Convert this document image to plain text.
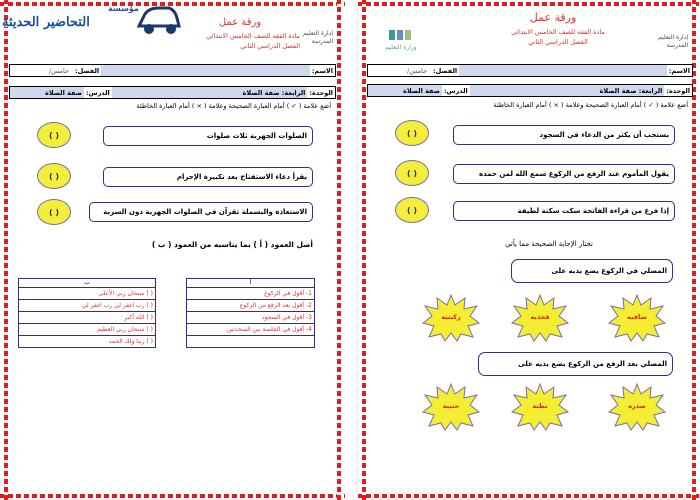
إدارة التعليم
المدرسة
ورقة عمل
مادة الفقه للصف الخامس الابتدائي
الفصل الدراسي الثاني
مؤسسة
التحاضير الحديثة
الاسم:
الفصل:
خامس/
الوحدة:
الرابعة: صفة الصلاة
الدرس:
صفة الصلاة
أضع علامة ( ✓ ) أمام العبارة الصحيحة وعلامة ( × ) أمام العبارة الخاطئة
الصلوات الجهرية ثلاث صلوات
( )
يقرأ دعاء الاستفتاح بعد تكبيرة الإحرام
( )
الاستعاذة والبسملة تقرآن في الصلوات الجهرية دون السرية
( )
أصل العمود ( أ ) بما يناسبه من العمود ( ب )
أ
1- أقول في الركوع
2- أقول بعد الرفع من الركوع
3- أقول في السجود
4- أقول في الجلسة بين السجدتين
ب
( ) سبحان ربي الأعلى
( ) رب اغفر لي رب اغفر لي
( ) الله أكبر
( ) سبحان ربي العظيم
( ) ربنا ولك الحمد
إدارة التعليم
المدرسة
ورقة عمل
مادة الفقه للصف الخامس الابتدائي
الفصل الدراسي الثاني
وزارة التعليم
الاسم:
الفصل:
خامس/
الوحدة:
الرابعة: صفة الصلاة
الدرس:
صفة الصلاة
أضع علامة ( ✓ ) أمام العبارة الصحيحة وعلامة ( × ) أمام العبارة الخاطئة
يستحب أن يكثر من الدعاء في السجود
( )
يقول المأموم عند الرفع من الركوع سمع الله لمن حمده
( )
إذا فرغ من قراءة الفاتحة سكت سكتة لطيفة
( )
نختار الإجابة الصحيحة مما يأتي
المصلي في الركوع يضع يديه على
ساقيه
فخذيه
ركبتيه
المصلي بعد الرفع من الركوع يضع يديه على
صدره
بطنه
جنبيه
